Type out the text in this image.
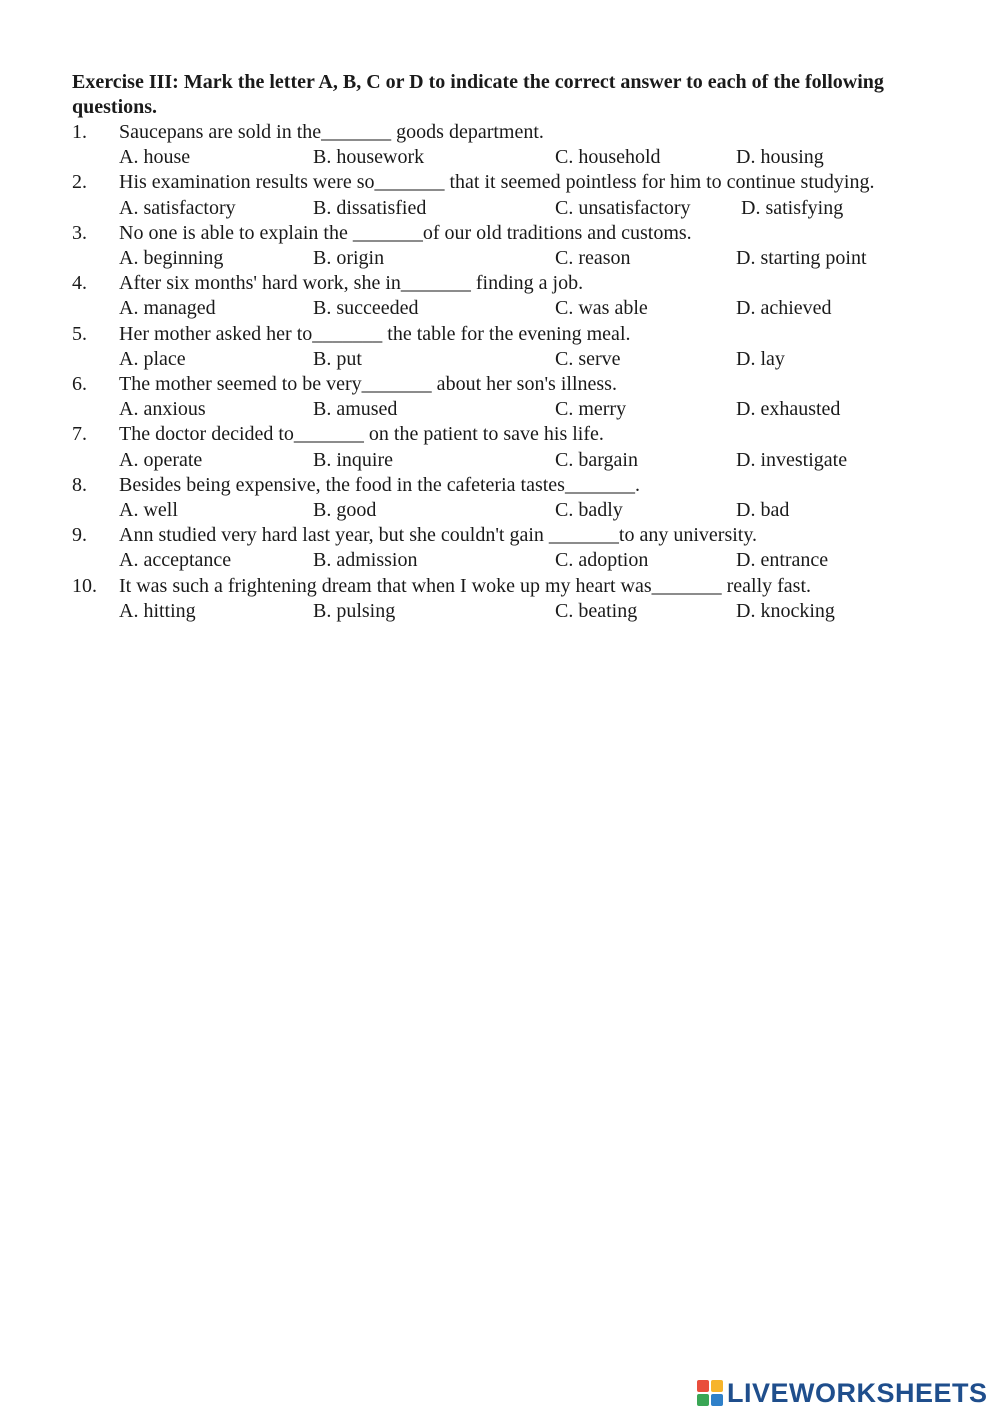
Exercise III: Mark the letter A, B, C or D to indicate the correct answer to each of the following questions.
1. Saucepans are sold in the_______ goods department.
A. house	B. housework	C. household	D. housing
2. His examination results were so_______ that it seemed pointless for him to continue studying.
A. satisfactory	B. dissatisfied	C. unsatisfactory	D. satisfying
3. No one is able to explain the _______of our old traditions and customs.
A. beginning	B. origin	C. reason	D. starting point
4. After six months' hard work, she in_______ finding a job.
A. managed	B. succeeded	C. was able	D. achieved
5. Her mother asked her to_______ the table for the evening meal.
A. place	B. put	C. serve	D. lay
6. The mother seemed to be very_______ about her son's illness.
A. anxious	B. amused	C. merry	D. exhausted
7. The doctor decided to_______ on the patient to save his life.
A. operate	B. inquire	C. bargain	D. investigate
8. Besides being expensive, the food in the cafeteria tastes_______.
A. well	B. good	C. badly	D. bad
9. Ann studied very hard last year, but she couldn't gain _______to any university.
A. acceptance	B. admission	C. adoption	D. entrance
10. It was such a frightening dream that when I woke up my heart was_______ really fast.
A. hitting	B. pulsing	C. beating	D. knocking
LIVEWORKSHEETS
